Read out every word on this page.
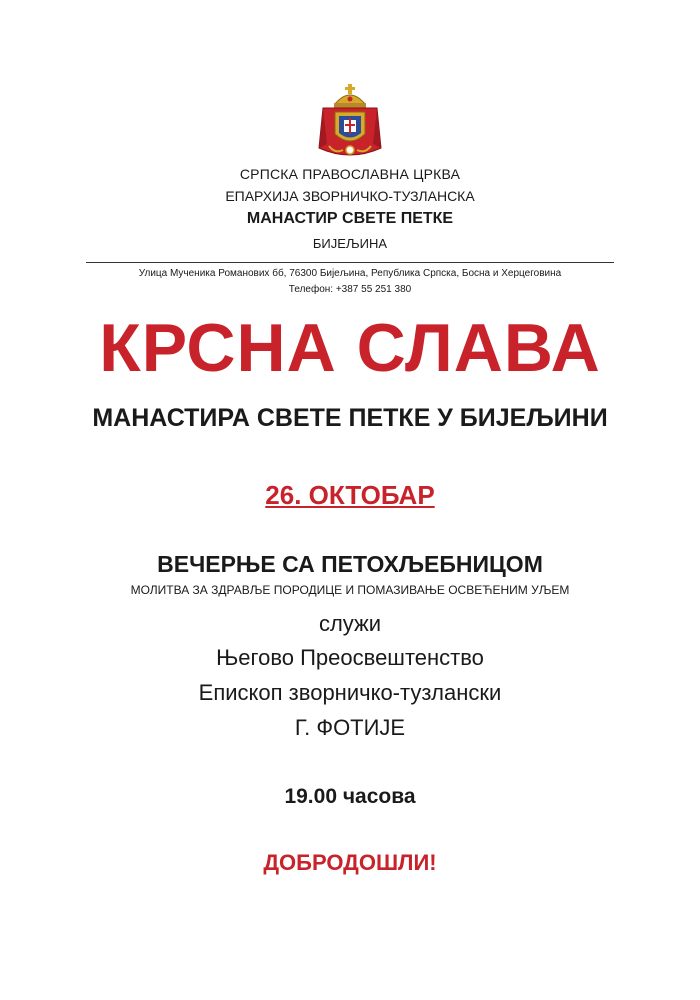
СРПСКА ПРАВОСЛАВНА ЦРКВА
ЕПАРХИЈА ЗВОРНИЧКО-ТУЗЛАНСКА
МАНАСТИР СВЕТЕ ПЕТКЕ
БИЈЕЉИНА
Улица Мученика Романових бб, 76300 Бијељина, Република Српска, Босна и Херцеговина
Телефон: +387 55 251 380
КРСНА СЛАВА
МАНАСТИРА СВЕТЕ ПЕТКЕ У БИЈЕЉИНИ
26. ОКТОБАР
ВЕЧЕРЊЕ СА ПЕТОХЉЕБНИЦОМ
МОЛИТВА ЗА ЗДРАВЉЕ ПОРОДИЦЕ И ПОМАЗИВАЊЕ ОСВЕЋЕНИМ УЉЕМ
служи
Његово Преосвештенство
Епископ зворничко-тузлански
Г. ФОТИЈЕ
19.00 часова
ДОБРОДОШЛИ!
